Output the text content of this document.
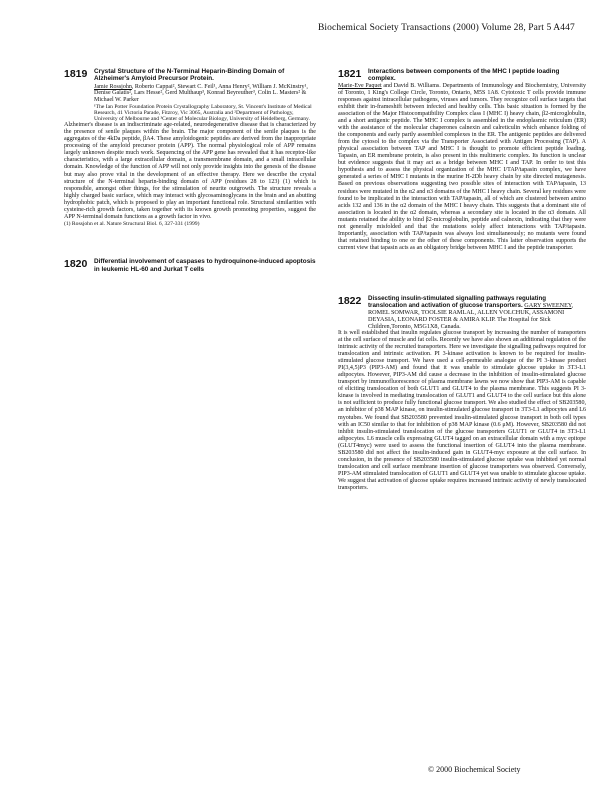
Biochemical Society Transactions (2000) Volume 28, Part 5 A447
1819 Crystal Structure of the N-Terminal Heparin-Binding Domain of Alzheimer's Amyloid Precursor Protein.
Jamie Rossjohn, Roberto Cappai², Stewart C. Feil¹, Anna Henry², William J. McKinstry¹, Denise Galatis², Lars Hesse², Gerd Multhaup³, Konrad Beyreuther³, Colin L. Masters² & Michael W. Parker
¹The Ian Potter Foundation Protein Crystallography Laboratory, St. Vincent's Institute of Medical Research, 41 Victoria Parade, Fitzroy, Vic 3065, Australia and ²Department of Pathology, University of Melbourne and ³Center of Molecular Biology, University of Heidelberg, Germany.
Alzheimer's disease is an indiscriminate age-related, neurodegenerative disease that is characterized by the presence of senile plaques within the brain. The major component of the senile plaques is the aggregates of the 4kDa peptide, βA4. These amyloidogenic peptides are derived from the inappropriate processing of the amyloid precursor protein (APP). The normal physiological role of APP remains largely unknown despite much work. Sequencing of the APP gene has revealed that it has receptor-like characteristics, with a large extracellular domain, a transmembrane domain, and a small intracellular domain. Knowledge of the function of APP will not only provide insights into the genesis of the disease but may also prove vital in the development of an effective therapy. Here we describe the crystal structure of the N-terminal heparin-binding domain of APP (residues 28 to 123) (1) which is responsible, amongst other things, for the stimulation of neurite outgrowth. The structure reveals a highly charged basic surface, which may interact with glycosaminoglycans in the brain and an abutting hydrophobic patch, which is proposed to play an important functional role. Structural similarities with cysteine-rich growth factors, taken together with its known growth promoting properties, suggest the APP N-terminal domain functions as a growth factor in vivo.
(1) Rossjohn et al. Nature Structural Biol. 6, 327-331 (1999)
1820 Differential involvement of caspases to hydroquinone-induced apoptosis in leukemic HL-60 and Jurkat T cells
1821 Interactions between components of the MHC I peptide loading complex.
Marie-Eve Paquet and David B. Williams. Departments of Immunology and Biochemistry, University of Toronto, 1 King's College Circle, Toronto, Ontario, M5S 1A8. Cytotoxic T cells provide immune responses against intracellular pathogens, viruses and tumors. They recognize cell surface targets that exhibit their in-frameshift between infected and healthy cells. This basic situation is formed by the association of the Major Histocompatibility Complex class I (MHC I) heavy chain, β2-microglobulin, and a short antigenic peptide. The MHC I complex is assembled in the endoplasmic reticulum (ER) with the assistance of the molecular chaperones calnexin and calreticulin which enhance folding of the components and early partly assembled complexes in the ER. The antigenic peptides are delivered from the cytosol to the complex via the Transporter Associated with Antigen Processing (TAP). A physical association between TAP and MHC I is thought to promote efficient peptide loading. Tapasin, an ER membrane protein, is also present in this multimeric complex. Its function is unclear but evidence suggests that it may act as a bridge between MHC I and TAP. In order to test this hypothesis and to assess the physical organization of the MHC I/TAP/tapasin complex, we have generated a series of MHC I mutants in the murine H-2Db heavy chain by site directed mutagenesis. Based on previous observations suggesting two possible sites of interaction with TAP/tapasin, 13 residues were mutated in the α2 and α3 domains of the MHC I heavy chain. Several key residues were found to be implicated in the interaction with TAP/tapasin, all of which are clustered between amino acids 132 and 136 in the α2 domain of the MHC I heavy chain. This suggests that a dominant site of association is located in the α2 domain, whereas a secondary site is located in the α3 domain. All mutants retained the ability to bind β2-microglobulin, peptide and calnexin, indicating that they were not generally misfolded and that the mutations solely affect interactions with TAP/tapasin. Importantly, association with TAP/tapasin was always lost simultaneously; no mutants were found that retained binding to one or the other of these components. This latter observation supports the current view that tapasin acts as an obligatory bridge between MHC I and the peptide transporter.
1822 Dissecting insulin-stimulated signalling pathways regulating translocation and activation of glucose transporters. GARY SWEENEY, ROMEL SOMWAR, TOOLSIE RAMLAL, ALLEN VOLCHUK, ASSAMONI DEYASIA, LEONARD FOSTER & AMIRA KLIP. The Hospital for Sick Children,Toronto, M5G1X8, Canada.
It is well established that insulin regulates glucose transport by increasing the number of transporters at the cell surface of muscle and fat cells. Recently we have also shown an additional regulation of the intrinsic activity of the recruited transporters. Here we investigate the signalling pathways required for translocation and intrinsic activation. PI 3-kinase activation is known to be required for insulin-stimulated glucose transport. We have used a cell-permeable analogue of the PI 3-kinase product PI(3,4,5)P3 (PIP3-AM) and found that it was unable to stimulate glucose uptake in 3T3-L1 adipocytes. However, PIP3-AM did cause a decrease in the inhibition of insulin-stimulated glucose transport by immunofluorescence of plasma membrane lawns we now show that PIP3-AM is capable of eliciting translocation of both GLUT1 and GLUT4 to the plasma membrane. This suggests PI 3-kinase is involved in mediating translocation of GLUT1 and GLUT4 to the cell surface but this alone is not sufficient to produce fully functional glucose transport. We also studied the effect of SB203580, an inhibitor of p38 MAP kinase, on insulin-stimulated glucose transport in 3T3-L1 adipocytes and L6 myotubes. We found that SB203580 prevented insulin-stimulated glucose transport in both cell types with an IC50 similar to that for inhibition of p38 MAP kinase (0.6 μM). However, SB203580 did not inhibit insulin-stimulated translocation of the glucose transporters GLUT1 or GLUT4 in 3T3-L1 adipocytes. L6 muscle cells expressing GLUT4 tagged on an extracellular domain with a myc epitope (GLUT4myc) were used to assess the functional insertion of GLUT4 into the plasma membrane. SB203580 did not affect the insulin-induced gain in GLUT4-myc exposure at the cell surface. In conclusion, in the presence of SB203580 insulin-stimulated glucose uptake was inhibited yet normal translocation and cell surface membrane insertion of glucose transporters was observed. Conversely, PIP3-AM stimulated translocation of GLUT1 and GLUT4 yet was unable to stimulate glucose uptake. We suggest that activation of glucose uptake requires increased intrinsic activity of newly translocated transporters.
© 2000 Biochemical Society
